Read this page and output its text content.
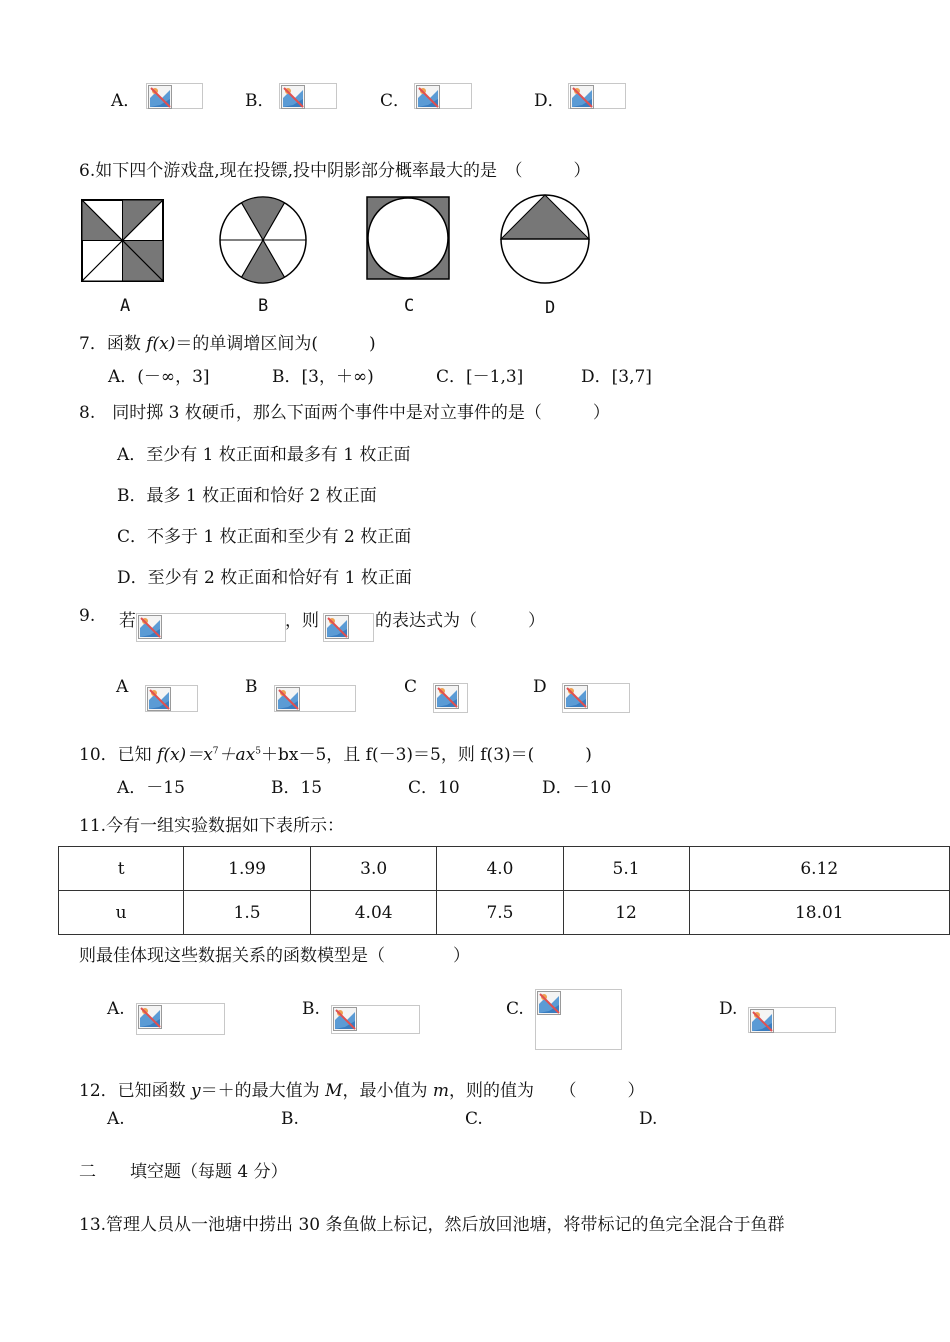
A．	B．	C．	D．
6.如下四个游戏盘,现在投镖,投中阴影部分概率最大的是　（　　　）
A	B	C	D
7．函数 f(x)＝的单调增区间为(　　　)
A．(－∞，3]	B．[3，＋∞)	C．[－1,3]	D．[3,7]
8.　同时掷 3 枚硬币，那么下面两个事件中是对立事件的是（　　　）
A．至少有 1 枚正面和最多有 1 枚正面
B．最多 1 枚正面和恰好 2 枚正面
C．不多于 1 枚正面和至少有 2 枚正面
D．至少有 2 枚正面和恰好有 1 枚正面
9. 若	，则	的表达式为（　　　）
A	B	C	D
10．已知 $f(x)=x^7+ax^5+bx-5$，且 f(－3)＝5，则 f(3)＝(　　　)
A．－15	B．15	C．10	D．－10
11.今有一组实验数据如下表所示：
t	1.99	3.0	4.0	5.1	6.12
u	1.5	4.04	7.5	12	18.01
则最佳体现这些数据关系的函数模型是（　　　　）
A.	B.	C.	D.
12．已知函数 y＝＋的最大值为 M，最小值为 m，则的值为　　（　　　）
A.	B.	C.	D.
二　　填空题（每题 4 分）
13.管理人员从一池塘中捞出 30 条鱼做上标记，然后放回池塘，将带标记的鱼完全混合于鱼群
